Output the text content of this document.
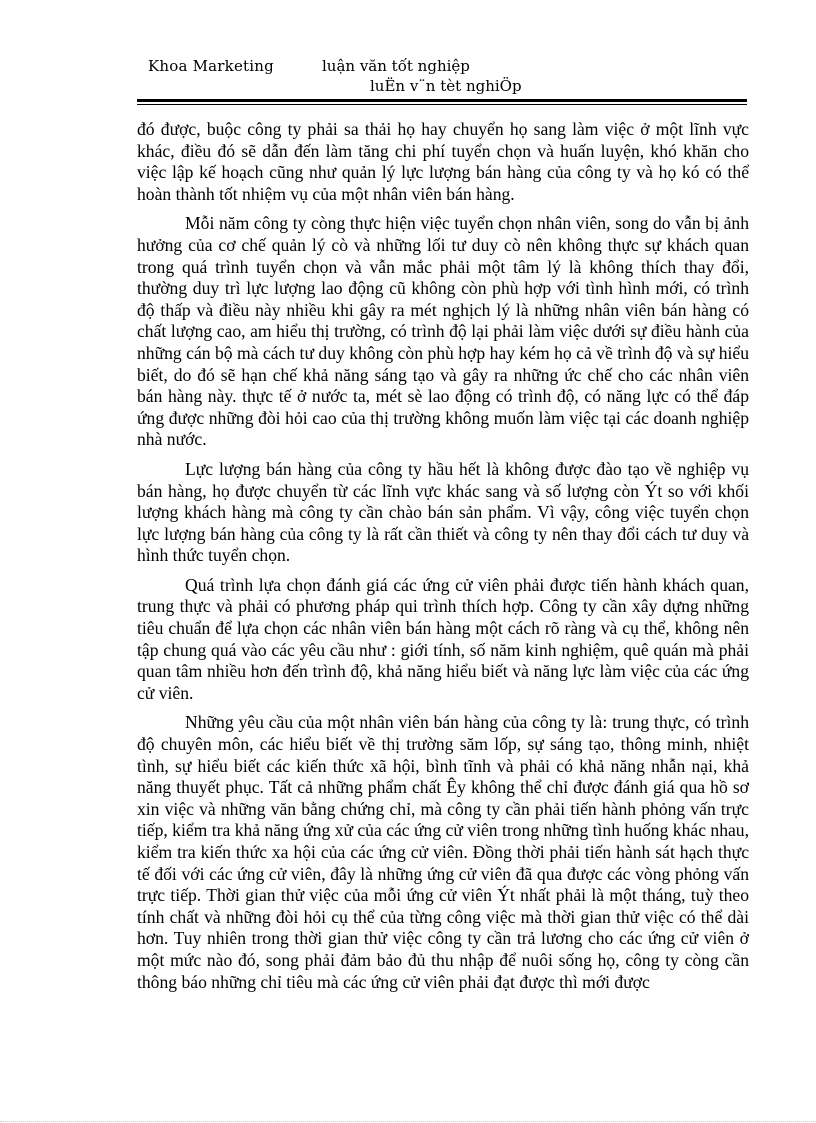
Khoa Marketing	luận văn tốt nghiệp
luËn v¨n tèt nghiÖp

đó được, buộc công ty phải sa thải họ hay chuyển họ sang làm việc ở một lĩnh vực khác, điều đó sẽ dẫn đến làm tăng chi phí tuyển chọn và huấn luyện, khó khăn cho việc lập kế hoạch cũng như quản lý lực lượng bán hàng của công ty và họ kó có thể hoàn thành tốt nhiệm vụ của một nhân viên bán hàng.

Mỗi năm công ty còng thực hiện việc tuyển chọn nhân viên, song do vẫn bị ảnh hưởng của cơ chế quản lý cò và những lối tư duy cò nên không thực sự khách quan trong quá trình tuyển chọn và vẫn mắc phải một tâm lý là không thích thay đổi, thường duy trì lực lượng lao động cũ không còn phù hợp với tình hình mới, có trình độ thấp và điều này nhiều khi gây ra mét nghịch lý là những nhân viên bán hàng có chất lượng cao, am hiểu thị trường, có trình độ lại phải làm việc dưới sự điều hành của những cán bộ mà cách tư duy không còn phù hợp hay kém họ cả về trình độ và sự hiểu biết, do đó sẽ hạn chế khả năng sáng tạo và gây ra những ức chế cho các nhân viên bán hàng này. thực tế ở nước ta, mét sè lao động có trình độ, có năng lực có thể đáp ứng được những đòi hỏi cao của thị trường không muốn làm việc tại các doanh nghiệp nhà nước.

Lực lượng bán hàng của công ty hầu hết là không được đào tạo về nghiệp vụ bán hàng, họ được chuyển từ các lĩnh vực khác sang và số lượng còn Ýt so với khối lượng khách hàng mà công ty cần chào bán sản phẩm. Vì vậy, công việc tuyển chọn lực lượng bán hàng của công ty là rất cần thiết và công ty nên thay đổi cách tư duy và hình thức tuyển chọn.

Quá trình lựa chọn đánh giá các ứng cử viên phải được tiến hành khách quan, trung thực và phải có phương pháp qui trình thích hợp. Công ty cần xây dựng những tiêu chuẩn để lựa chọn các nhân viên bán hàng một cách rõ ràng và cụ thể, không nên tập chung quá vào các yêu cầu như : giới tính, số năm kinh nghiệm, quê quán mà phải quan tâm nhiều hơn đến trình độ, khả năng hiểu biết và năng lực làm việc của các ứng cử viên.

Những yêu cầu của một nhân viên bán hàng của công ty là: trung thực, có trình độ chuyên môn, các hiểu biết về thị trường săm lốp, sự sáng tạo, thông minh, nhiệt tình, sự hiểu biết các kiến thức xã hội, bình tĩnh và phải có khả năng nhẫn nại, khả năng thuyết phục. Tất cả những phẩm chất Êy không thể chỉ được đánh giá qua hồ sơ xin việc và những văn bằng chứng chỉ, mà công ty cần phải tiến hành phỏng vấn trực tiếp, kiểm tra khả năng ứng xử của các ứng cử viên trong những tình huống khác nhau, kiểm tra kiến thức xa hội của các ứng cử viên. Đồng thời phải tiến hành sát hạch thực tế đối với các ứng cử viên, đây là những ứng cử viên đã qua được các vòng phỏng vấn trực tiếp. Thời gian thử việc của mỗi ứng cử viên Ýt nhất phải là một tháng, tuỳ theo tính chất và những đòi hỏi cụ thể của từng công việc mà thời gian thử việc có thể dài hơn. Tuy nhiên trong thời gian thử việc công ty cần trả lương cho các ứng cử viên ở một mức nào đó, song phải đảm bảo đủ thu nhập để nuôi sống họ, công ty còng cần thông báo những chỉ tiêu mà các ứng cử viên phải đạt được thì mới được
